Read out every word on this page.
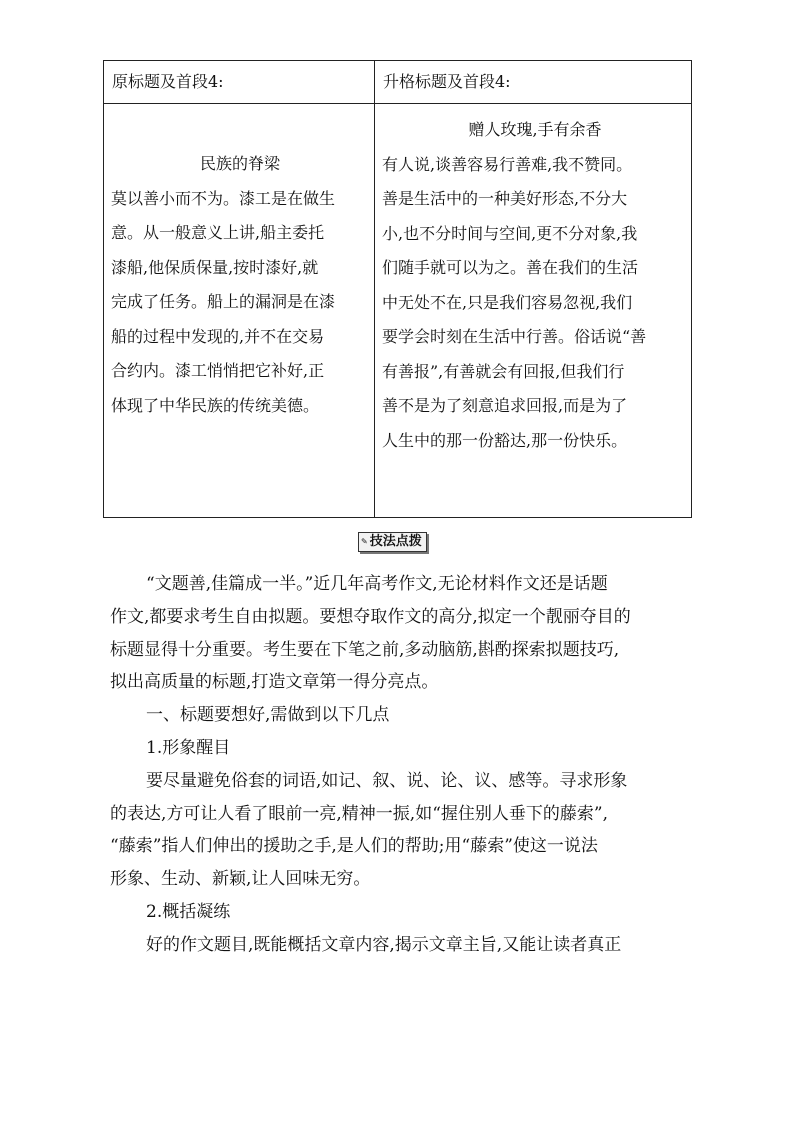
原标题及首段4:	升格标题及首段4:

民族的脊梁

莫以善小而不为。漆工是在做生

意。从一般意义上讲,船主委托

漆船,他保质保量,按时漆好,就

完成了任务。船上的漏洞是在漆

船的过程中发现的,并不在交易

合约内。漆工悄悄把它补好,正

体现了中华民族的传统美德。

赠人玫瑰,手有余香

有人说,谈善容易行善难,我不赞同。

善是生活中的一种美好形态,不分大

小,也不分时间与空间,更不分对象,我

们随手就可以为之。善在我们的生活

中无处不在,只是我们容易忽视,我们

要学会时刻在生活中行善。俗话说“善

有善报”,有善就会有回报,但我们行

善不是为了刻意追求回报,而是为了

人生中的那一份豁达,那一份快乐。

✎ 技法点拨

“文题善,佳篇成一半。”近几年高考作文,无论材料作文还是话题

作文,都要求考生自由拟题。要想夺取作文的高分,拟定一个靓丽夺目的

标题显得十分重要。考生要在下笔之前,多动脑筋,斟酌探索拟题技巧,

拟出高质量的标题,打造文章第一得分亮点。

一、标题要想好,需做到以下几点

1.形象醒目

要尽量避免俗套的词语,如记、叙、说、论、议、感等。寻求形象

的表达,方可让人看了眼前一亮,精神一振,如“握住别人垂下的藤索”,

“藤索”指人们伸出的援助之手,是人们的帮助;用“藤索”使这一说法

形象、生动、新颖,让人回味无穷。

2.概括凝练

好的作文题目,既能概括文章内容,揭示文章主旨,又能让读者真正
